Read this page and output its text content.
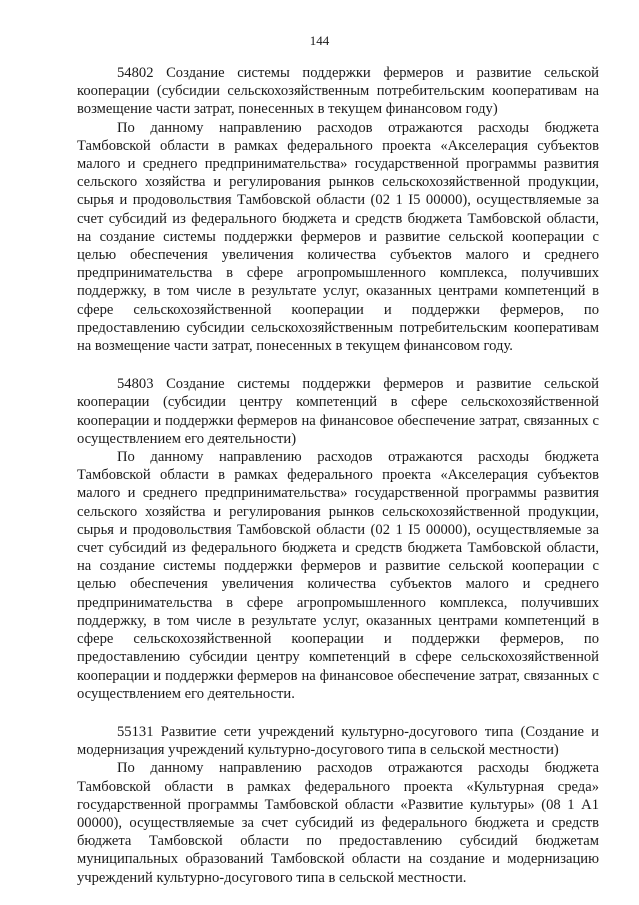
144

54802 Создание системы поддержки фермеров и развитие сельской кооперации (субсидии сельскохозяйственным потребительским кооперативам на возмещение части затрат, понесенных в текущем финансовом году)

По данному направлению расходов отражаются расходы бюджета Тамбовской области в рамках федерального проекта «Акселерация субъектов малого и среднего предпринимательства» государственной программы развития сельского хозяйства и регулирования рынков сельскохозяйственной продукции, сырья и продовольствия Тамбовской области (02 1 I5 00000), осуществляемые за счет субсидий из федерального бюджета и средств бюджета Тамбовской области, на создание системы поддержки фермеров и развитие сельской кооперации с целью обеспечения увеличения количества субъектов малого и среднего предпринимательства в сфере агропромышленного комплекса, получивших поддержку, в том числе в результате услуг, оказанных центрами компетенций в сфере сельскохозяйственной кооперации и поддержки фермеров, по предоставлению субсидии сельскохозяйственным потребительским кооперативам на возмещение части затрат, понесенных в текущем финансовом году.

54803 Создание системы поддержки фермеров и развитие сельской кооперации (субсидии центру компетенций в сфере сельскохозяйственной кооперации и поддержки фермеров на финансовое обеспечение затрат, связанных с осуществлением его деятельности)

По данному направлению расходов отражаются расходы бюджета Тамбовской области в рамках федерального проекта «Акселерация субъектов малого и среднего предпринимательства» государственной программы развития сельского хозяйства и регулирования рынков сельскохозяйственной продукции, сырья и продовольствия Тамбовской области (02 1 I5 00000), осуществляемые за счет субсидий из федерального бюджета и средств бюджета Тамбовской области, на создание системы поддержки фермеров и развитие сельской кооперации с целью обеспечения увеличения количества субъектов малого и среднего предпринимательства в сфере агропромышленного комплекса, получивших поддержку, в том числе в результате услуг, оказанных центрами компетенций в сфере сельскохозяйственной кооперации и поддержки фермеров, по предоставлению субсидии центру компетенций в сфере сельскохозяйственной кооперации и поддержки фермеров на финансовое обеспечение затрат, связанных с осуществлением его деятельности.

55131 Развитие сети учреждений культурно-досугового типа (Создание и модернизация учреждений культурно-досугового типа в сельской местности)

По данному направлению расходов отражаются расходы бюджета Тамбовской области в рамках федерального проекта «Культурная среда» государственной программы Тамбовской области «Развитие культуры» (08 1 A1 00000), осуществляемые за счет субсидий из федерального бюджета и средств бюджета Тамбовской области по предоставлению субсидий бюджетам муниципальных образований Тамбовской области на создание и модернизацию учреждений культурно-досугового типа в сельской местности.
